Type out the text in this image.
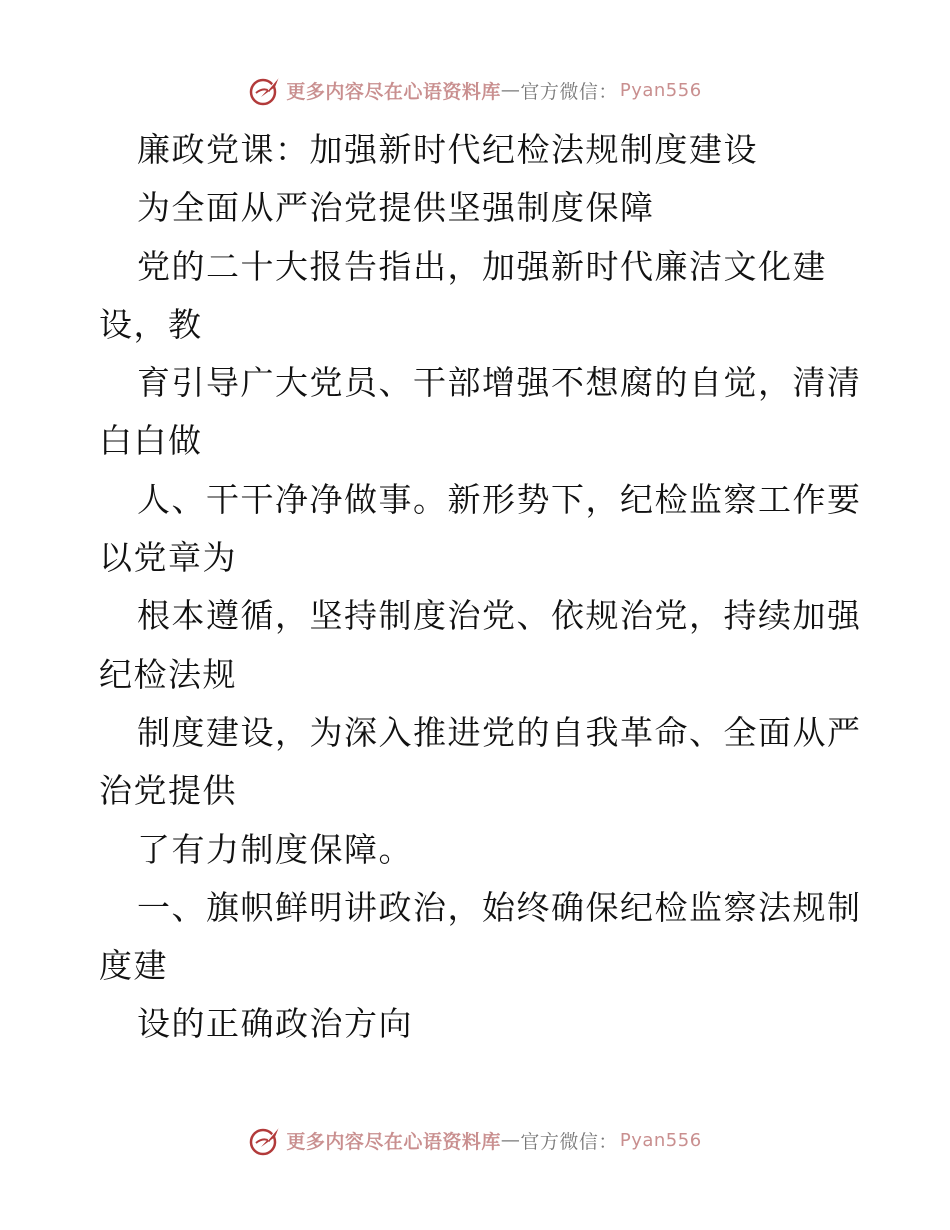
更多内容尽在心语资料库 — 官方微信： Pyan556
廉政党课：加强新时代纪检法规制度建设
为全面从严治党提供坚强制度保障
党的二十大报告指出，加强新时代廉洁文化建
设，教
育引导广大党员、干部增强不想腐的自觉，清清
白白做
人、干干净净做事。新形势下，纪检监察工作要
以党章为
根本遵循，坚持制度治党、依规治党，持续加强
纪检法规
制度建设，为深入推进党的自我革命、全面从严
治党提供
了有力制度保障。
一、旗帜鲜明讲政治，始终确保纪检监察法规制
度建
设的正确政治方向
更多内容尽在心语资料库 — 官方微信： Pyan556
